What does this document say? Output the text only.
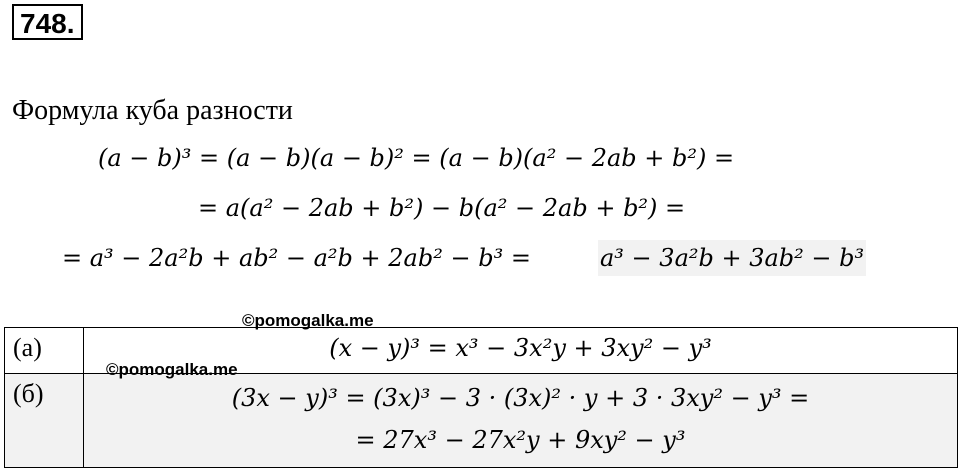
748.
Формула куба разности
(a − b)³ = (a − b)(a − b)² = (a − b)(a² − 2ab + b²) =
= a(a² − 2ab + b²) − b(a² − 2ab + b²) =
= a³ − 2a²b + ab² − a²b + 2ab² − b³ =	a³ − 3a²b + 3ab² − b³
(а)	(x − y)³ = x³ − 3x²y + 3xy² − y³

(б)	(3x − y)³ = (3x)³ − 3 · (3x)² · y + 3 · 3xy² − y³ =
= 27x³ − 27x²y + 9xy² − y³
©pomogalka.me
©pomogalka.me
